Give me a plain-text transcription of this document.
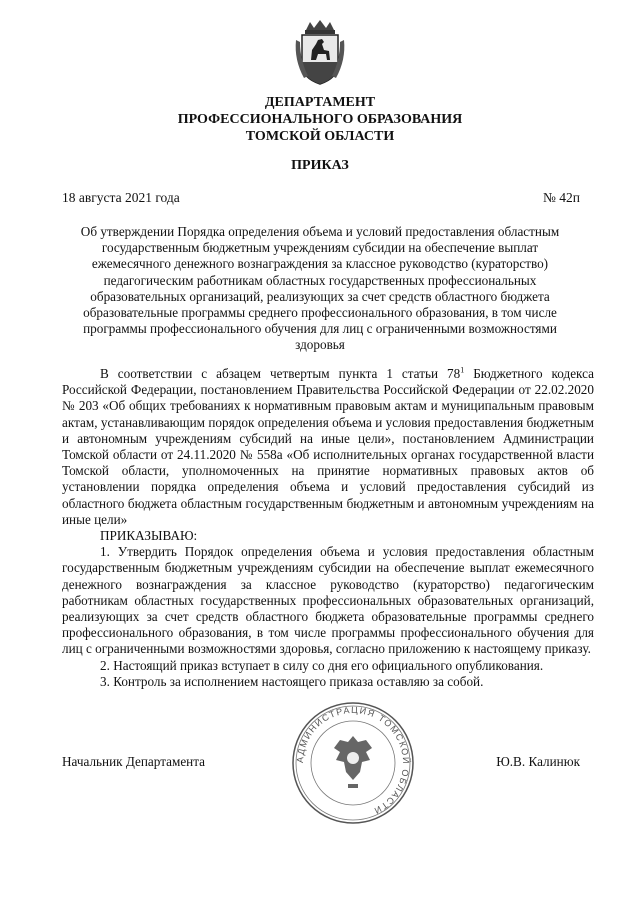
ДЕПАРТАМЕНТ
ПРОФЕССИОНАЛЬНОГО ОБРАЗОВАНИЯ
ТОМСКОЙ ОБЛАСТИ
ПРИКАЗ
18 августа 2021 года	№ 42п
Об утверждении Порядка определения объема и условий предоставления областным государственным бюджетным учреждениям субсидии на обеспечение выплат ежемесячного денежного вознаграждения за классное руководство (кураторство) педагогическим работникам областных государственных профессиональных образовательных организаций, реализующих за счет средств областного бюджета образовательные программы среднего профессионального образования, в том числе программы профессионального обучения для лиц с ограниченными возможностями здоровья

В соответствии с абзацем четвертым пункта 1 статьи $78^1$ Бюджетного кодекса Российской Федерации, постановлением Правительства Российской Федерации от 22.02.2020 № 203 «Об общих требованиях к нормативным правовым актам и муниципальным правовым актам, устанавливающим порядок определения объема и условия предоставления бюджетным и автономным учреждениям субсидий на иные цели», постановлением Администрации Томской области от 24.11.2020 № 558а «Об исполнительных органах государственной власти Томской области, уполномоченных на принятие нормативных правовых актов об установлении порядка определения объема и условий предоставления субсидий из областного бюджета областным государственным бюджетным и автономным учреждениям на иные цели»

ПРИКАЗЫВАЮ:

1. Утвердить Порядок определения объема и условия предоставления областным государственным бюджетным учреждениям субсидии на обеспечение выплат ежемесячного денежного вознаграждения за классное руководство (кураторство) педагогическим работникам областных государственных профессиональных образовательных организаций, реализующих за счет средств областного бюджета образовательные программы среднего профессионального образования, в том числе программы профессионального обучения для лиц с ограниченными возможностями здоровья, согласно приложению к настоящему приказу.

2. Настоящий приказ вступает в силу со дня его официального опубликования.

3. Контроль за исполнением настоящего приказа оставляю за собой.

АДМИНИСТРАЦИЯ ТОМСКОЙ ОБЛАСТИ
Начальник Департамента	Ю.В. Калинюк
